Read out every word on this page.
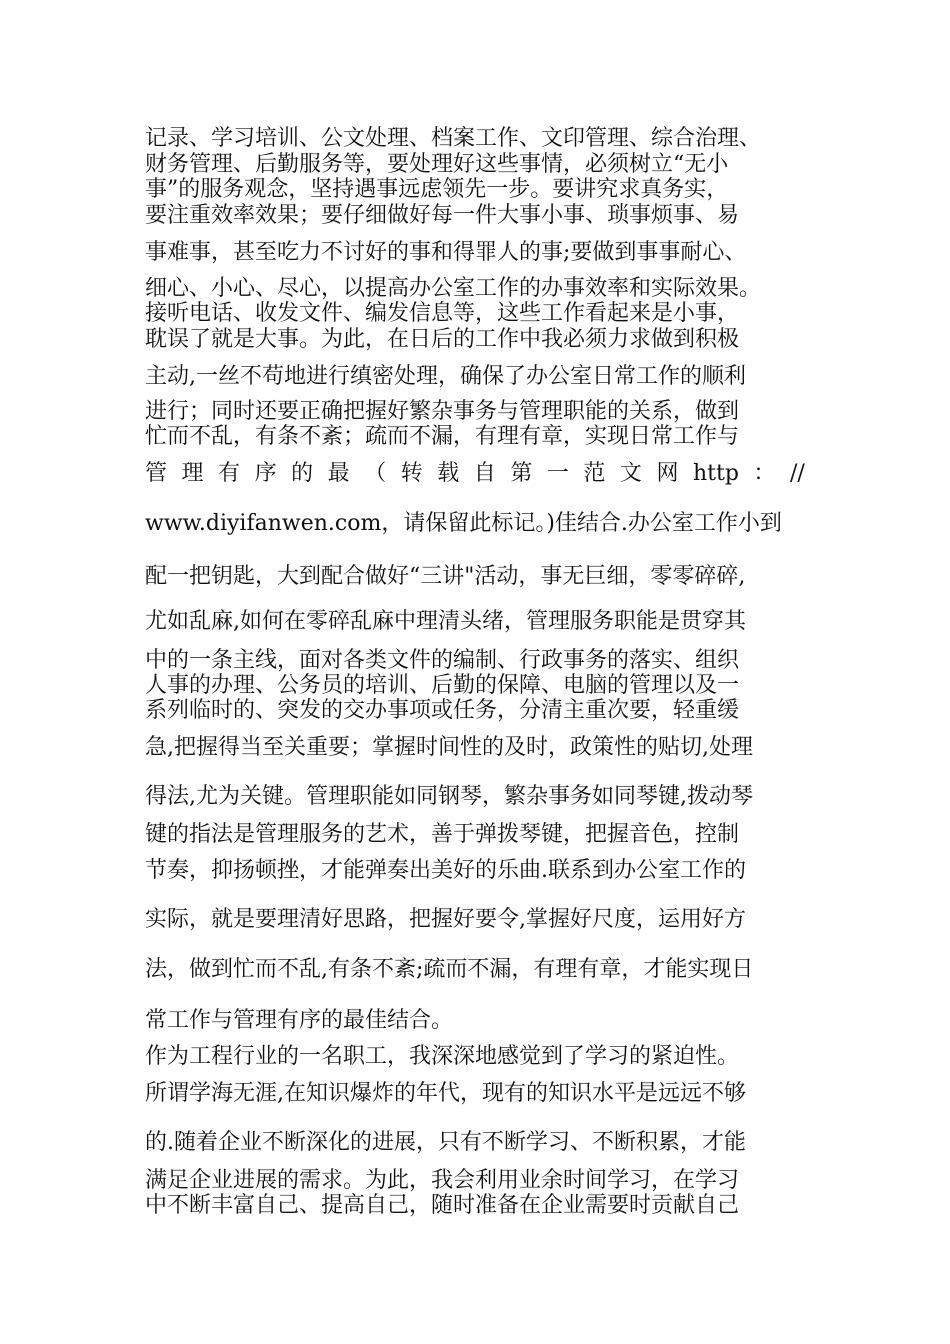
记录、学习培训、公文处理、档案工作、文印管理、综合治理、
财务管理、后勤服务等，要处理好这些事情，必须树立“无小
事”的服务观念，坚持遇事远虑领先一步。要讲究求真务实，
要注重效率效果；要仔细做好每一件大事小事、琐事烦事、易
事难事，甚至吃力不讨好的事和得罪人的事;要做到事事耐心、
细心、小心、尽心，以提高办公室工作的办事效率和实际效果。
接听电话、收发文件、编发信息等，这些工作看起来是小事，
耽误了就是大事。为此，在日后的工作中我必须力求做到积极
主动,一丝不苟地进行缜密处理，确保了办公室日常工作的顺利
进行；同时还要正确把握好繁杂事务与管理职能的关系，做到
忙而不乱，有条不紊；疏而不漏，有理有章，实现日常工作与
管 理 有 序 的 最 （ 转 载 自 第 一 范 文 网 http ： //
www.diyifanwen.com，请保留此标记。)佳结合.办公室工作小到
配一把钥匙，大到配合做好“三讲"活动，事无巨细，零零碎碎,
尤如乱麻,如何在零碎乱麻中理清头绪，管理服务职能是贯穿其
中的一条主线，面对各类文件的编制、行政事务的落实、组织
人事的办理、公务员的培训、后勤的保障、电脑的管理以及一
系列临时的、突发的交办事项或任务，分清主重次要，轻重缓
急,把握得当至关重要；掌握时间性的及时，政策性的贴切,处理
得法,尤为关键。管理职能如同钢琴，繁杂事务如同琴键,拨动琴
键的指法是管理服务的艺术，善于弹拨琴键，把握音色，控制
节奏，抑扬顿挫，才能弹奏出美好的乐曲.联系到办公室工作的
实际，就是要理清好思路，把握好要令,掌握好尺度，运用好方
法，做到忙而不乱,有条不紊;疏而不漏，有理有章，才能实现日
常工作与管理有序的最佳结合。
作为工程行业的一名职工，我深深地感觉到了学习的紧迫性。
所谓学海无涯,在知识爆炸的年代，现有的知识水平是远远不够
的.随着企业不断深化的进展，只有不断学习、不断积累，才能
满足企业进展的需求。为此，我会利用业余时间学习，在学习
中不断丰富自己、提高自己，随时准备在企业需要时贡献自己
